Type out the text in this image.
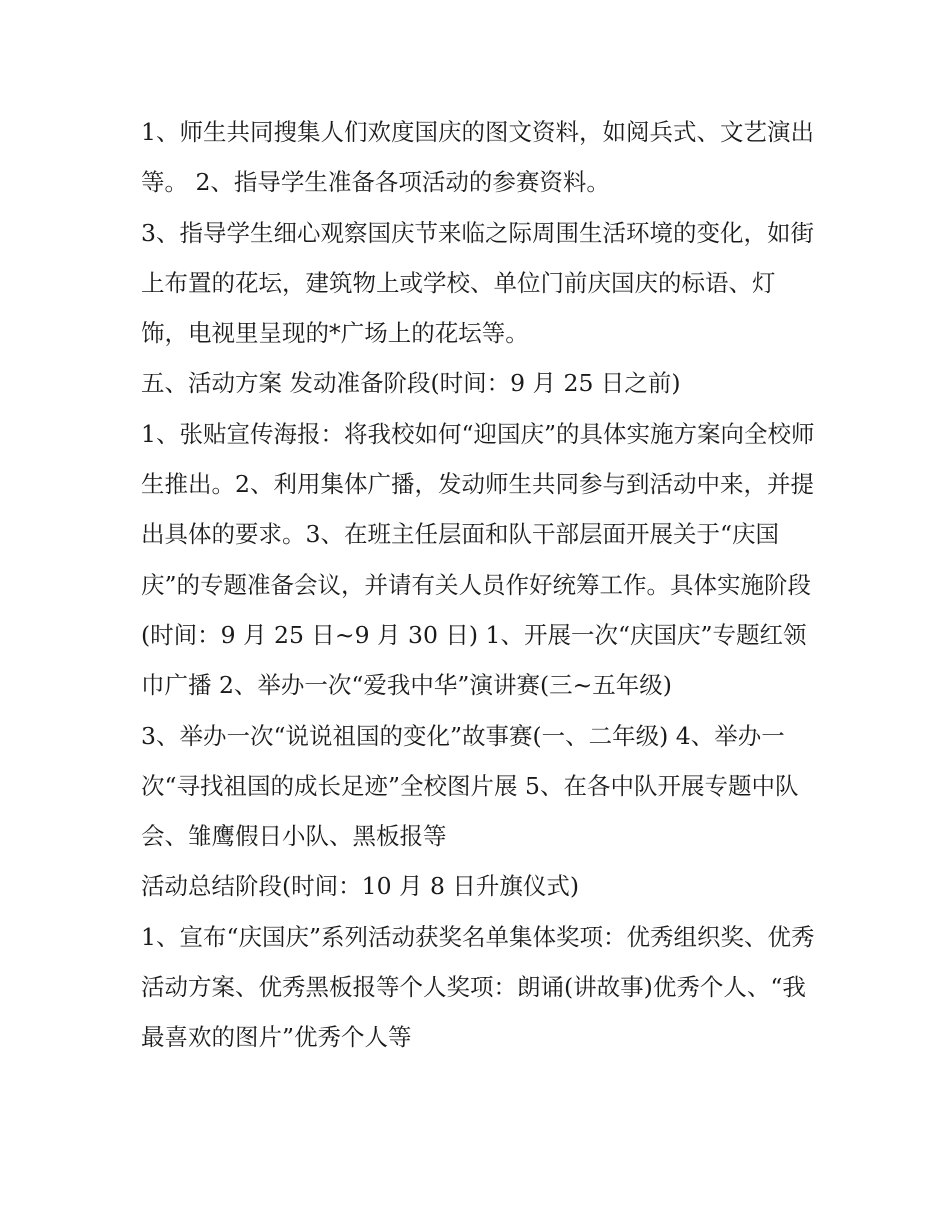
1、师生共同搜集人们欢度国庆的图文资料，如阅兵式、文艺演出等。 2、指导学生准备各项活动的参赛资料。

3、指导学生细心观察国庆节来临之际周围生活环境的变化，如街上布置的花坛，建筑物上或学校、单位门前庆国庆的标语、灯饰，电视里呈现的*广场上的花坛等。

五、活动方案 发动准备阶段(时间：9 月 25 日之前)

1、张贴宣传海报：将我校如何“迎国庆”的具体实施方案向全校师生推出。2、利用集体广播，发动师生共同参与到活动中来，并提出具体的要求。3、在班主任层面和队干部层面开展关于“庆国庆”的专题准备会议，并请有关人员作好统筹工作。具体实施阶段(时间：9 月 25 日~9 月 30 日) 1、开展一次“庆国庆”专题红领巾广播 2、举办一次“爱我中华”演讲赛(三~五年级)

3、举办一次“说说祖国的变化”故事赛(一、二年级) 4、举办一次“寻找祖国的成长足迹”全校图片展 5、在各中队开展专题中队会、雏鹰假日小队、黑板报等

活动总结阶段(时间：10 月 8 日升旗仪式)

1、宣布“庆国庆”系列活动获奖名单集体奖项：优秀组织奖、优秀活动方案、优秀黑板报等个人奖项：朗诵(讲故事)优秀个人、“我最喜欢的图片”优秀个人等
